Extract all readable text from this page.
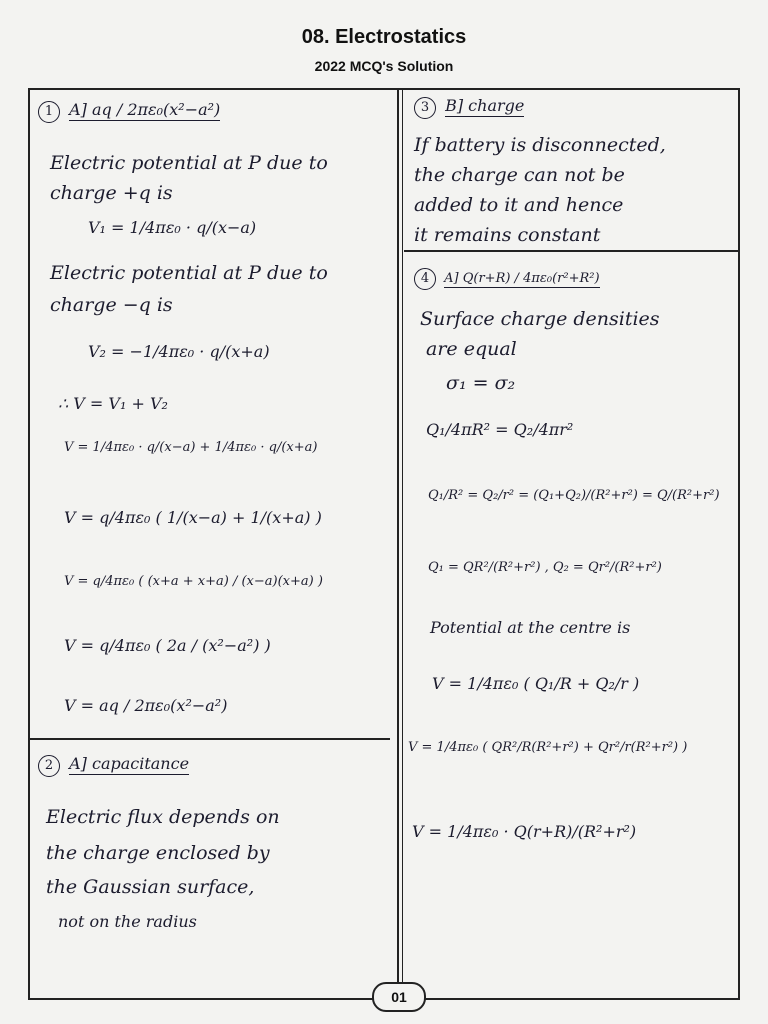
08. Electrostatics
2022 MCQ's Solution
1 A] aq / 2πε₀(x²−a²)
Electric potential at P due to
charge +q is
V₁ = 1/4πε₀ · q/(x−a)
Electric potential at P due to
charge −q is
V₂ = −1/4πε₀ · q/(x+a)
∴ V = V₁ + V₂
V = 1/4πε₀ · q/(x−a) + 1/4πε₀ · q/(x+a)
V = q/4πε₀ ( 1/(x−a) + 1/(x+a) )
V = q/4πε₀ ( (x+a + x+a) / (x−a)(x+a) )
V = q/4πε₀ ( 2a / (x²−a²) )
V = aq / 2πε₀(x²−a²)
2 A] capacitance
Electric flux depends on
the charge enclosed by
the Gaussian surface,
not on the radius
3 B] charge
If battery is disconnected,
the charge can not be
added to it and hence
it remains constant
4 A] Q(r+R) / 4πε₀(r²+R²)
Surface charge densities
are equal
σ₁ = σ₂
Q₁/4πR² = Q₂/4πr²
Q₁/R² = Q₂/r² = (Q₁+Q₂)/(R²+r²) = Q/(R²+r²)
Q₁ = QR²/(R²+r²) , Q₂ = Qr²/(R²+r²)
Potential at the centre is
V = 1/4πε₀ ( Q₁/R + Q₂/r )
V = 1/4πε₀ ( QR²/R(R²+r²) + Qr²/r(R²+r²) )
V = 1/4πε₀ · Q(r+R)/(R²+r²)
01
